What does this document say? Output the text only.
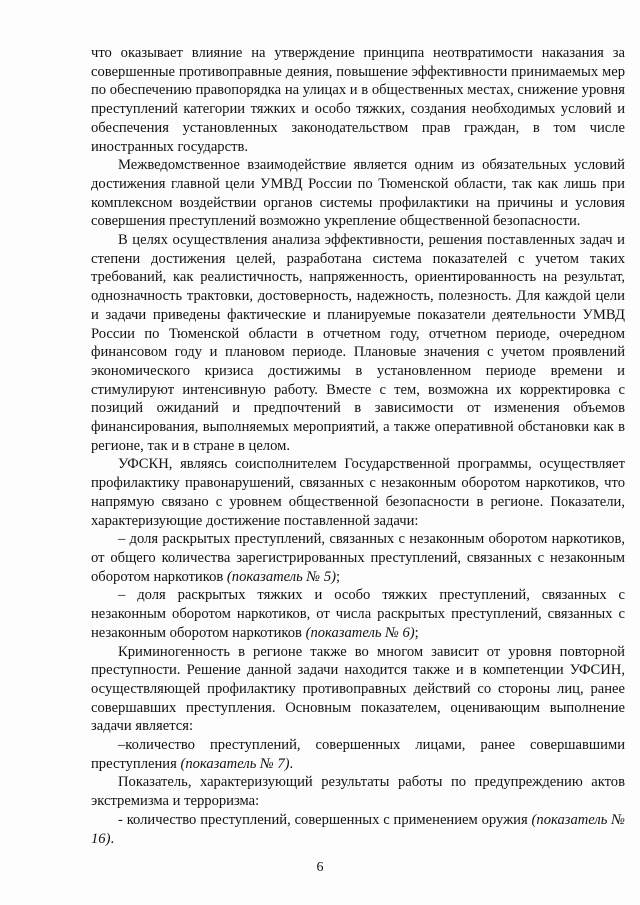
что оказывает влияние на утверждение принципа неотвратимости наказания за совершенные противоправные деяния, повышение эффективности принимаемых мер по обеспечению правопорядка на улицах и в общественных местах, снижение уровня преступлений категории тяжких и особо тяжких, создания необходимых условий и обеспечения установленных законодательством прав граждан, в том числе иностранных государств.

Межведомственное взаимодействие является одним из обязательных условий достижения главной цели УМВД России по Тюменской области, так как лишь при комплексном воздействии органов системы профилактики на причины и условия совершения преступлений возможно укрепление общественной безопасности.

В целях осуществления анализа эффективности, решения поставленных задач и степени достижения целей, разработана система показателей с учетом таких требований, как реалистичность, напряженность, ориентированность на результат, однозначность трактовки, достоверность, надежность, полезность. Для каждой цели и задачи приведены фактические и планируемые показатели деятельности УМВД России по Тюменской области в отчетном году, отчетном периоде, очередном финансовом году и плановом периоде. Плановые значения с учетом проявлений экономического кризиса достижимы в установленном периоде времени и стимулируют интенсивную работу. Вместе с тем, возможна их корректировка с позиций ожиданий и предпочтений в зависимости от изменения объемов финансирования, выполняемых мероприятий, а также оперативной обстановки как в регионе, так и в стране в целом.

УФСКН, являясь соисполнителем Государственной программы, осуществляет профилактику правонарушений, связанных с незаконным оборотом наркотиков, что напрямую связано с уровнем общественной безопасности в регионе. Показатели, характеризующие достижение поставленной задачи:

– доля раскрытых преступлений, связанных с незаконным оборотом наркотиков, от общего количества зарегистрированных преступлений, связанных с незаконным оборотом наркотиков (показатель № 5);

– доля раскрытых тяжких и особо тяжких преступлений, связанных с незаконным оборотом наркотиков, от числа раскрытых преступлений, связанных с незаконным оборотом наркотиков (показатель № 6);

Криминогенность в регионе также во многом зависит от уровня повторной преступности. Решение данной задачи находится также и в компетенции УФСИН, осуществляющей профилактику противоправных действий со стороны лиц, ранее совершавших преступления. Основным показателем, оценивающим выполнение задачи является:

–количество преступлений, совершенных лицами, ранее совершавшими преступления (показатель № 7).

Показатель, характеризующий результаты работы по предупреждению актов экстремизма и терроризма:

- количество преступлений, совершенных с применением оружия (показатель № 16).

6
